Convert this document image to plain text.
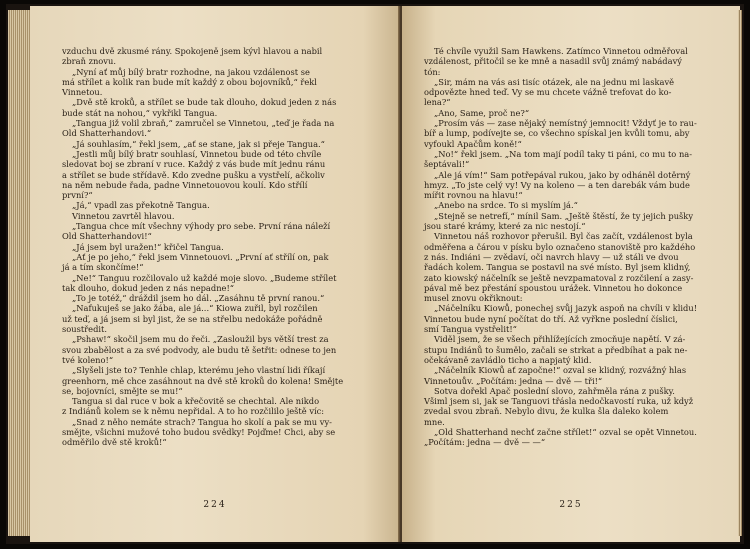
vzduchu dvě zkusmé rány. Spokojeně jsem kývl hlavou a nabil
zbraň znovu.

„Nyní ať můj bílý bratr rozhodne, na jakou vzdálenost se
má střílet a kolik ran bude mít každý z obou bojovníků,“ řekl
Vinnetou.

„Dvě stě kroků, a střílet se bude tak dlouho, dokud jeden z nás
bude stát na nohou,“ vykřikl Tangua.

„Tangua již volil zbraň,“ zamručel se Vinnetou, „teď je řada na
Old Shatterhandovi.“

„Já souhlasím,“ řekl jsem, „ať se stane, jak si přeje Tangua.“

„Jestli můj bílý bratr souhlasí, Vinnetou bude od této chvíle
sledovat boj se zbraní v ruce. Každý z vás bude mít jednu ránu
a střílet se bude střídavě. Kdo zvedne pušku a vystřelí, ačkoliv
na něm nebude řada, padne Vinnetouovou koulí. Kdo střílí
první?“

„Já,“ vpadl zas překotně Tangua.

Vinnetou zavrtěl hlavou.

„Tangua chce mít všechny výhody pro sebe. První rána náleží
Old Shatterhandovi!“

„Já jsem byl uražen!“ křičel Tangua.

„Ať je po jeho,“ řekl jsem Vinnetouovi. „První ať střílí on, pak
já a tím skončíme!“

„Ne!“ Tanguu rozčilovalo už každé moje slovo. „Budeme střílet
tak dlouho, dokud jeden z nás nepadne!“

„To je totéž,“ dráždil jsem ho dál. „Zasáhnu tě první ranou.“

„Nafukuješ se jako žába, ale já...“ Kiowa zuřil, byl rozčilen
už teď, a já jsem si byl jist, že se na střelbu nedokáže pořádně
soustředit.

„Pshaw!“ skočil jsem mu do řeči. „Zasloužil bys větší trest za
svou zbabělost a za své podvody, ale budu tě šetřit: odnese to jen
tvé koleno!“

„Slyšeli jste to? Tenhle chlap, kterému jeho vlastní lidi říkají
greenhorn, mě chce zasáhnout na dvě stě kroků do kolena! Smějte
se, bojovníci, smějte se mu!“

Tangua si dal ruce v bok a křečovitě se chechtal. Ale nikdo
z Indiánů kolem se k němu nepřidal. A to ho rozčililo ještě víc:

„Snad z něho nemáte strach? Tangua ho skolí a pak se mu vy-
smějte, všichni mužové toho budou svědky! Pojďme! Chci, aby se
odměřilo dvě stě kroků!“

224

Té chvíle využil Sam Hawkens. Zatímco Vinnetou odměřoval
vzdálenost, přitočil se ke mně a nasadil svůj známý nabádavý
tón:

„Sir, mám na vás asi tisíc otázek, ale na jednu mi laskavě
odpovězte hned teď. Vy se mu chcete vážně trefovat do ko-
lena?“

„Ano, Same, proč ne?“

„Prosím vás — zase nějaký nemístný jemnocit! Vždyť je to rau-
bíř a lump, podívejte se, co všechno spískal jen kvůli tomu, aby
vyfoukl Apačům koně!“

„No!“ řekl jsem. „Na tom mají podíl taky ti páni, co mu to na-
šeptávali!“

„Ale já vím!“ Sam potřepával rukou, jako by odháněl dotěrný
hmyz. „To jste celý vy! Vy na koleno — a ten darebák vám bude
mířit rovnou na hlavu!“

„Anebo na srdce. To si myslím já.“

„Stejně se netrefí,“ mínil Sam. „Ještě štěstí, že ty jejich pušky
jsou staré krámy, které za nic nestojí.“

Vinnetou náš rozhovor přerušil. Byl čas začít, vzdálenost byla
odměřena a čárou v písku bylo označeno stanoviště pro každého
z nás. Indiáni — zvědaví, oči navrch hlavy — už stáli ve dvou
řadách kolem. Tangua se postavil na své místo. Byl jsem klidný,
zato kiowský náčelník se ještě nevzpamatoval z rozčilení a zasy-
pával mě bez přestání spoustou urážek. Vinnetou ho dokonce
musel znovu okřiknout:

„Náčelníku Kiowů, ponechej svůj jazyk aspoň na chvíli v klidu!
Vinnetou bude nyní počítat do tří. Až vyřkne poslední číslici,
smí Tangua vystřelit!“

Viděl jsem, že se všech přihlížejících zmocňuje napětí. V zá-
stupu Indiánů to šumělo, začali se strkat a předbíhat a pak ne-
očekávaně zavládlo ticho a napjatý klid.

„Náčelník Kiowů ať započne!“ ozval se klidný, rozvážný hlas
Vinnetouův. „Počítám: jedna — dvě — tři!“

Sotva dořekl Apač poslední slovo, zahřměla rána z pušky.
Všiml jsem si, jak se Tanguovi třásla nedočkavostí ruka, už když
zvedal svou zbraň. Nebylo divu, že kulka šla daleko kolem
mne.

„Old Shatterhand nechť začne střílet!“ ozval se opět Vinnetou.
„Počítám: jedna — dvě — —“

225
